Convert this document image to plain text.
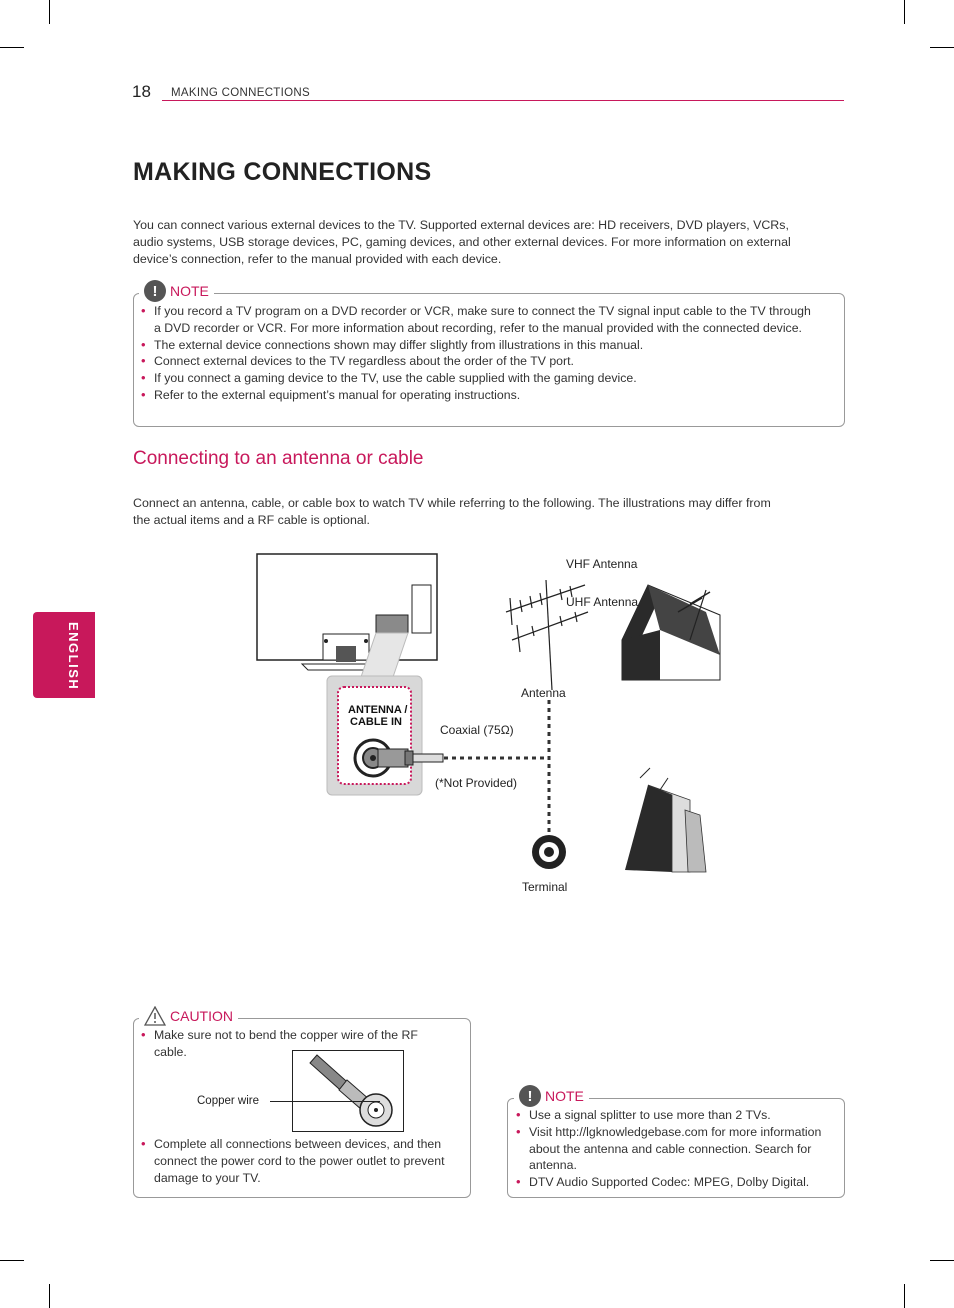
18 MAKING CONNECTIONS
ENGLISH
MAKING CONNECTIONS
You can connect various external devices to the TV. Supported external devices are: HD receivers, DVD players, VCRs,
audio systems, USB storage devices, PC, gaming devices, and other external devices. For more information on external
device’s connection, refer to the manual provided with each device.
! NOTE
• If you record a TV program on a DVD recorder or VCR, make sure to connect the TV signal input cable to the TV through a DVD recorder or VCR. For more information about recording, refer to the manual provided with the connected device.
• The external device connections shown may differ slightly from illustrations in this manual.
• Connect external devices to the TV regardless about the order of the TV port.
• If you connect a gaming device to the TV, use the cable supplied with the gaming device.
• Refer to the external equipment’s manual for operating instructions.
Connecting to an antenna or cable
Connect an antenna, cable, or cable box to watch TV while referring to the following. The illustrations may differ from
the actual items and a RF cable is optional.
ANTENNA /
CABLE IN
VHF Antenna
UHF Antenna
Antenna
Coaxial (75Ω)
(*Not Provided)
Terminal
CAUTION
• Make sure not to bend the copper wire of the RF cable.
Copper wire
• Complete all connections between devices, and then connect the power cord to the power outlet to prevent damage to your TV.
! NOTE
• Use a signal splitter to use more than 2 TVs.
• Visit http://lgknowledgebase.com for more information about the antenna and cable connection. Search for antenna.
• DTV Audio Supported Codec: MPEG, Dolby Digital.
